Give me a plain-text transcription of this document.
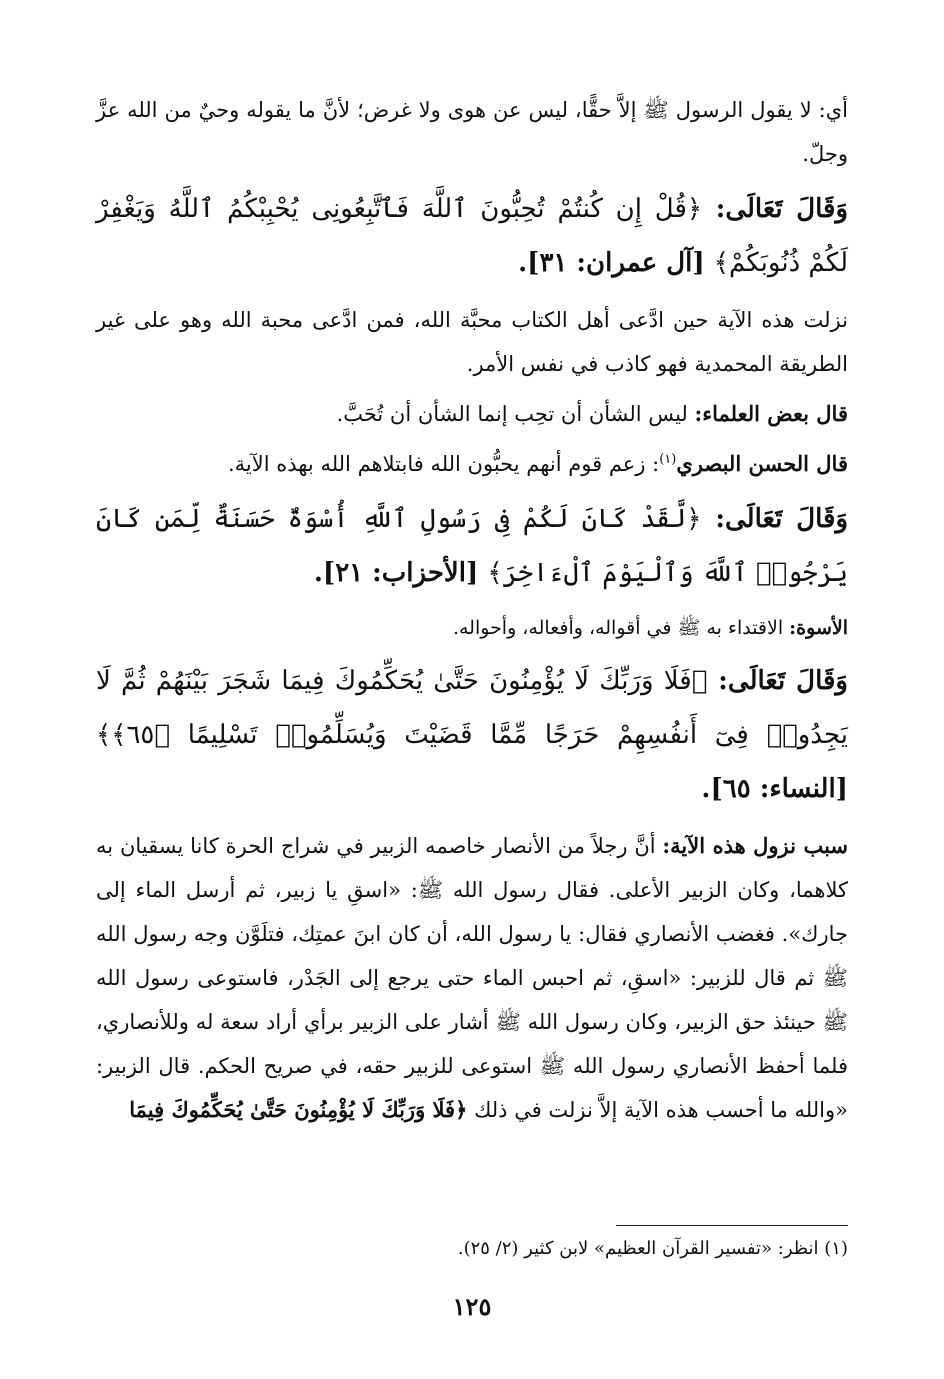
أي: لا يقول الرسول ﷺ إلاَّ حقًّا، ليس عن هوى ولا غرض؛ لأنَّ ما يقوله وحيٌ من الله عزَّ وجلّ.

وَقَالَ تَعَالَى: ﴿قُلْ إِن كُنتُمْ تُحِبُّونَ ٱللَّهَ فَٱتَّبِعُونِى يُحْبِبْكُمُ ٱللَّهُ وَيَغْفِرْ لَكُمْ ذُنُوبَكُمْ﴾ [آل عمران: ٣١].

نزلت هذه الآية حين ادَّعى أهل الكتاب محبَّة الله، فمن ادَّعى محبة الله وهو على غير الطريقة المحمدية فهو كاذب في نفس الأمر.

قال بعض العلماء: ليس الشأن أن تحِب إنما الشأن أن تُحَبَّ.

قال الحسن البصري$^{(١)}$: زعم قوم أنهم يحبُّون الله فابتلاهم الله بهذه الآية.

وَقَالَ تَعَالَى: ﴿لَّقَدْ كَانَ لَكُمْ فِى رَسُولِ ٱللَّهِ أُسْوَةٌ حَسَنَةٌ لِّمَن كَانَ يَرْجُوا۟ ٱللَّهَ وَٱلْيَوْمَ ٱلْءَاخِرَ﴾ [الأحزاب: ٢١].

الأسوة: الاقتداء به ﷺ في أقواله، وأفعاله، وأحواله.

وَقَالَ تَعَالَى: ﴿فَلَا وَرَبِّكَ لَا يُؤْمِنُونَ حَتَّىٰ يُحَكِّمُوكَ فِيمَا شَجَرَ بَيْنَهُمْ ثُمَّ لَا يَجِدُوا۟ فِىٓ أَنفُسِهِمْ حَرَجًا مِّمَّا قَضَيْتَ وَيُسَلِّمُوا۟ تَسْلِيمًا ﴿٦٥﴾﴾ [النساء: ٦٥].

سبب نزول هذه الآية: أنَّ رجلاً من الأنصار خاصمه الزبير في شراج الحرة كانا يسقيان به كلاهما، وكان الزبير الأعلى. فقال رسول الله ﷺ: «اسقِ يا زبير، ثم أرسل الماء إلى جارك». فغضب الأنصاري فقال: يا رسول الله، أن كان ابنَ عمتِك، فتلَوَّن وجه رسول الله ﷺ ثم قال للزبير: «اسقِ، ثم احبس الماء حتى يرجع إلى الجَدْر، فاستوعى رسول الله ﷺ حينئذ حق الزبير، وكان رسول الله ﷺ أشار على الزبير برأي أراد سعة له وللأنصاري، فلما أحفظ الأنصاري رسول الله ﷺ استوعى للزبير حقه، في صريح الحكم. قال الزبير: «والله ما أحسب هذه الآية إلاَّ نزلت في ذلك ﴿فَلَا وَرَبِّكَ لَا يُؤْمِنُونَ حَتَّىٰ يُحَكِّمُوكَ فِيمَا

(١) انظر: «تفسير القرآن العظيم» لابن كثير (٢/ ٢٥).
١٢٥
